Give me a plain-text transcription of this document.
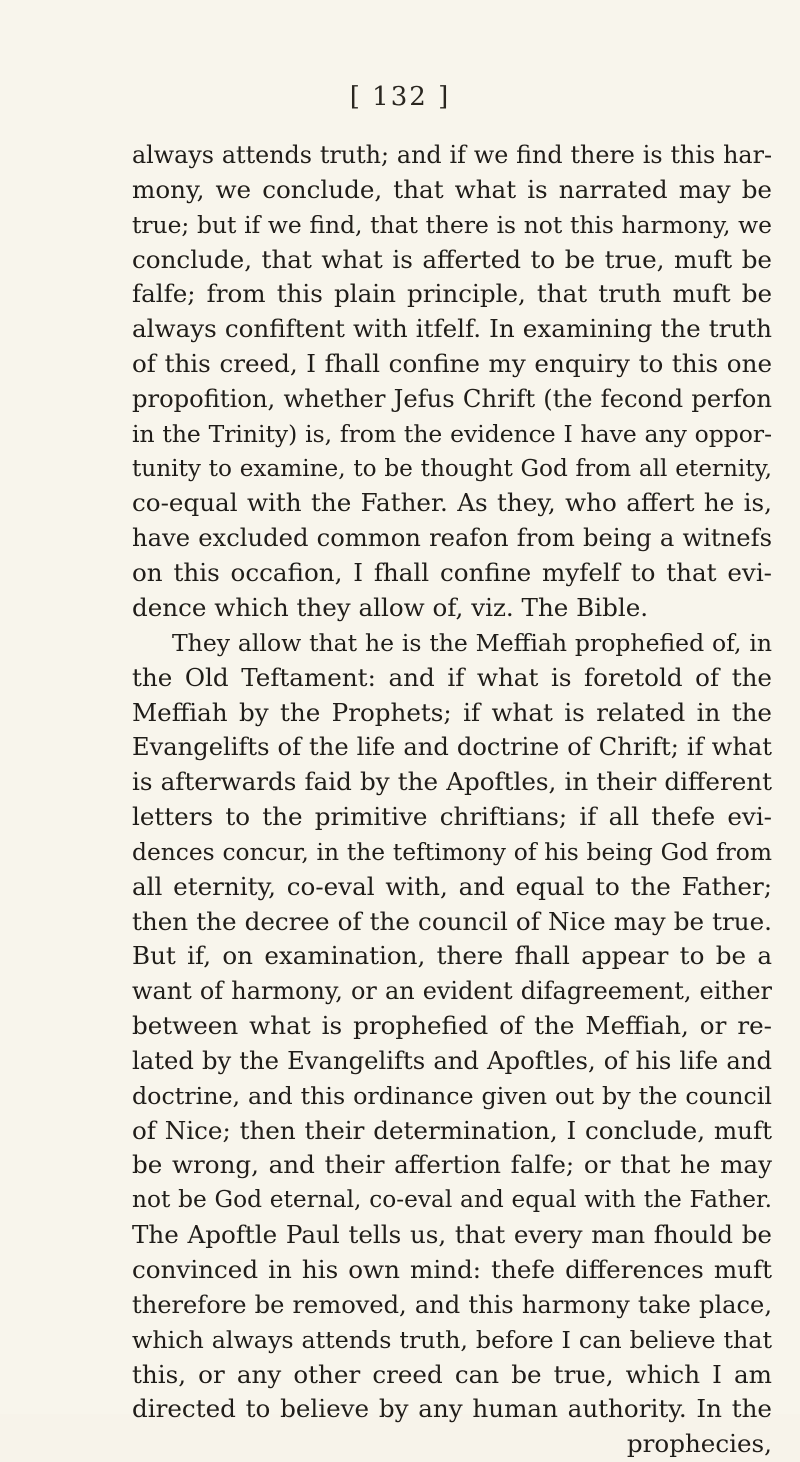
[ 132 ]
always attends truth; and if we find there is this har-
mony, we conclude, that what is narrated may be
true; but if we find, that there is not this harmony, we
conclude, that what is afferted to be true, muft be
falfe; from this plain principle, that truth muft be
always confiftent with itfelf. In examining the truth
of this creed, I fhall confine my enquiry to this one
propofition, whether Jefus Chrift (the fecond perfon
in the Trinity) is, from the evidence I have any oppor-
tunity to examine, to be thought God from all eternity,
co-equal with the Father. As they, who affert he is,
have excluded common reafon from being a witnefs
on this occafion, I fhall confine myfelf to that evi-
dence which they allow of, viz. The Bible.
They allow that he is the Meffiah prophefied of, in
the Old Teftament: and if what is foretold of the
Meffiah by the Prophets; if what is related in the
Evangelifts of the life and doctrine of Chrift; if what
is afterwards faid by the Apoftles, in their different
letters to the primitive chriftians; if all thefe evi-
dences concur, in the teftimony of his being God from
all eternity, co-eval with, and equal to the Father;
then the decree of the council of Nice may be true.
But if, on examination, there fhall appear to be a
want of harmony, or an evident difagreement, either
between what is prophefied of the Meffiah, or re-
lated by the Evangelifts and Apoftles, of his life and
doctrine, and this ordinance given out by the council
of Nice; then their determination, I conclude, muft
be wrong, and their affertion falfe; or that he may
not be God eternal, co-eval and equal with the Father.
The Apoftle Paul tells us, that every man fhould be
convinced in his own mind: thefe differences muft
therefore be removed, and this harmony take place,
which always attends truth, before I can believe that
this, or any other creed can be true, which I am
directed to believe by any human authority. In the
prophecies,
